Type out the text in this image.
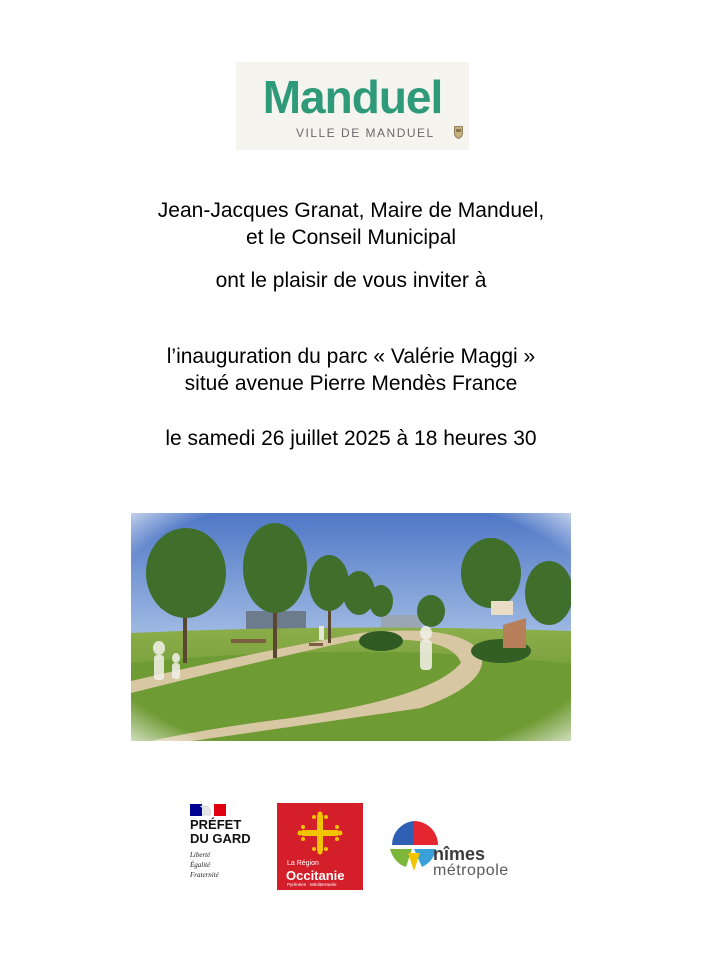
Manduel
VILLE DE MANDUEL
Jean-Jacques Granat, Maire de Manduel,
et le Conseil Municipal
ont le plaisir de vous inviter à
l’inauguration du parc « Valérie Maggi »
situé avenue Pierre Mendès France
le samedi 26 juillet 2025 à 18 heures 30
PRÉFET
DU GARD
Liberté
Égalité
Fraternité
La Région
Occitanie
Pyrénées · Méditerranée
nîmes
métropole
